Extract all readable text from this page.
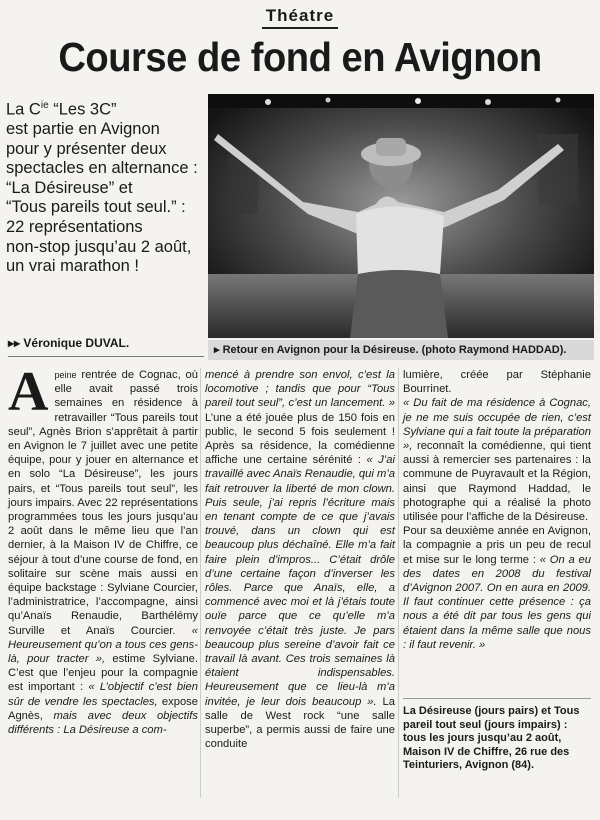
Théatre
Course de fond en Avignon

La $C^{ie}$ “Les 3C”

est partie en Avignon

pour y présenter deux

spectacles en alternance :

“La Désireuse” et

“Tous pareils tout seul.” :

22 représentations

non-stop jusqu’au 2 août,

un vrai marathon !

▸▸ Véronique DUVAL.	▸ Retour en Avignon pour la Désireuse. (photo Raymond HADDAD).

Apeine rentrée de Cognac, où elle avait passé trois semaines en résidence à retravailler “Tous pareils tout seul”, Agnès Brion s’apprêtait à partir en Avignon le 7 juillet avec une petite équipe, pour y jouer en alternance et en solo “La Désireuse”, les jours pairs, et “Tous pareils tout seul”, les jours impairs. Avec 22 représentations programmées tous les jours jusqu’au 2 août dans le même lieu que l’an dernier, à la Maison IV de Chiffre, ce séjour à tout d’une course de fond, en solitaire sur scène mais aussi en équipe backstage : Sylviane Courcier, l’administratrice, l’accompagne, ainsi qu’Anaïs Renaudie, Barthélémy Surville et Anaïs Courcier. « Heureusement qu’on a tous ces gens-là, pour tracter », estime Sylviane. C’est que l’enjeu pour la compagnie est important : « L’objectif c’est bien sûr de vendre les spectacles, expose Agnès, mais avec deux objectifs différents : La Désireuse a com-

mencé à prendre son envol, c’est la locomotive ; tandis que pour “Tous pareil tout seul”, c’est un lancement. » L’une a été jouée plus de 150 fois en public, le second 5 fois seulement ! Après sa résidence, la comédienne affiche une certaine sérénité : « J’ai travaillé avec Anaïs Renaudie, qui m’a fait retrouver la liberté de mon clown. Puis seule, j’ai repris l’écriture mais en tenant compte de ce que j’avais trouvé, dans un clown qui est beaucoup plus déchaîné. Elle m’a fait faire plein d’impros... C’était drôle d’une certaine façon d’inverser les rôles. Parce que Anaïs, elle, a commencé avec moi et là j’étais toute ouïe parce que ce qu’elle m’a renvoyée c’était très juste. Je pars beaucoup plus sereine d’avoir fait ce travail là avant. Ces trois semaines là étaient indispensables. Heureusement que ce lieu-là m’a invitée, je leur dois beaucoup ». La salle de West rock “une salle superbe”, a permis aussi de faire une conduite

lumière, créée par Stéphanie Bourrinet.

« Du fait de ma résidence à Cognac, je ne me suis occupée de rien, c’est Sylviane qui a fait toute la préparation », reconnaît la comédienne, qui tient aussi à remercier ses partenaires : la commune de Puyravault et la Région, ainsi que Raymond Haddad, le photographe qui a réalisé la photo utilisée pour l’affiche de la Désireuse.

Pour sa deuxième année en Avignon, la compagnie a pris un peu de recul et mise sur le long terme : « On a eu des dates en 2008 du festival d’Avignon 2007. On en aura en 2009. Il faut continuer cette présence : ça nous a été dit par tous les gens qui étaient dans la même salle que nous : il faut revenir. »

La Désireuse (jours pairs) et Tous pareil tout seul (jours impairs) : tous les jours jusqu’au 2 août, Maison IV de Chiffre, 26 rue des Teinturiers, Avignon (84).
